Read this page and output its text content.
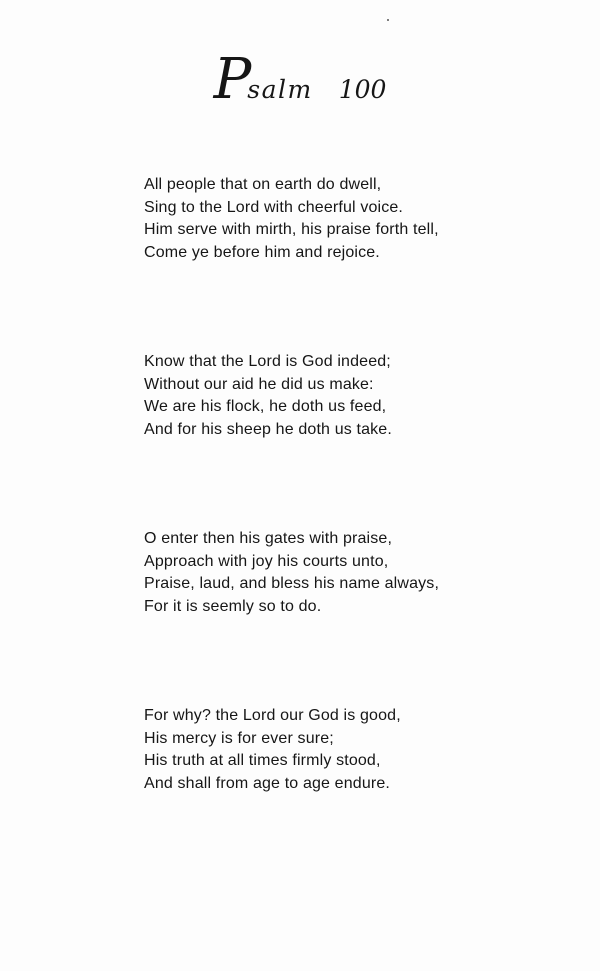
Psalm 100
All people that on earth do dwell,
Sing to the Lord with cheerful voice.
Him serve with mirth, his praise forth tell,
Come ye before him and rejoice.
Know that the Lord is God indeed;
Without our aid he did us make:
We are his flock, he doth us feed,
And for his sheep he doth us take.
O enter then his gates with praise,
Approach with joy his courts unto,
Praise, laud, and bless his name always,
For it is seemly so to do.
For why? the Lord our God is good,
His mercy is for ever sure;
His truth at all times firmly stood,
And shall from age to age endure.
